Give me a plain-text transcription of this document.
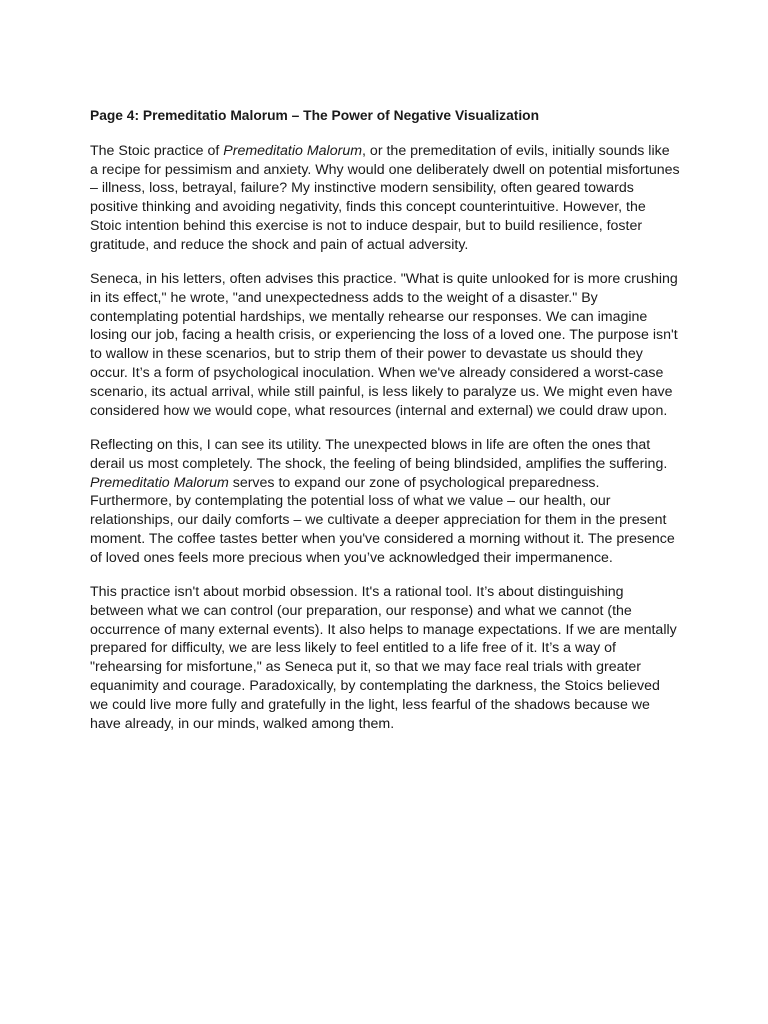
Page 4: Premeditatio Malorum – The Power of Negative Visualization

The Stoic practice of Premeditatio Malorum, or the premeditation of evils, initially sounds like a recipe for pessimism and anxiety. Why would one deliberately dwell on potential misfortunes – illness, loss, betrayal, failure? My instinctive modern sensibility, often geared towards positive thinking and avoiding negativity, finds this concept counterintuitive. However, the Stoic intention behind this exercise is not to induce despair, but to build resilience, foster gratitude, and reduce the shock and pain of actual adversity.

Seneca, in his letters, often advises this practice. "What is quite unlooked for is more crushing in its effect," he wrote, "and unexpectedness adds to the weight of a disaster." By contemplating potential hardships, we mentally rehearse our responses. We can imagine losing our job, facing a health crisis, or experiencing the loss of a loved one. The purpose isn't to wallow in these scenarios, but to strip them of their power to devastate us should they occur. It’s a form of psychological inoculation. When we've already considered a worst-case scenario, its actual arrival, while still painful, is less likely to paralyze us. We might even have considered how we would cope, what resources (internal and external) we could draw upon.

Reflecting on this, I can see its utility. The unexpected blows in life are often the ones that derail us most completely. The shock, the feeling of being blindsided, amplifies the suffering. Premeditatio Malorum serves to expand our zone of psychological preparedness. Furthermore, by contemplating the potential loss of what we value – our health, our relationships, our daily comforts – we cultivate a deeper appreciation for them in the present moment. The coffee tastes better when you've considered a morning without it. The presence of loved ones feels more precious when you’ve acknowledged their impermanence.

This practice isn't about morbid obsession. It's a rational tool. It’s about distinguishing between what we can control (our preparation, our response) and what we cannot (the occurrence of many external events). It also helps to manage expectations. If we are mentally prepared for difficulty, we are less likely to feel entitled to a life free of it. It’s a way of "rehearsing for misfortune," as Seneca put it, so that we may face real trials with greater equanimity and courage. Paradoxically, by contemplating the darkness, the Stoics believed we could live more fully and gratefully in the light, less fearful of the shadows because we have already, in our minds, walked among them.
